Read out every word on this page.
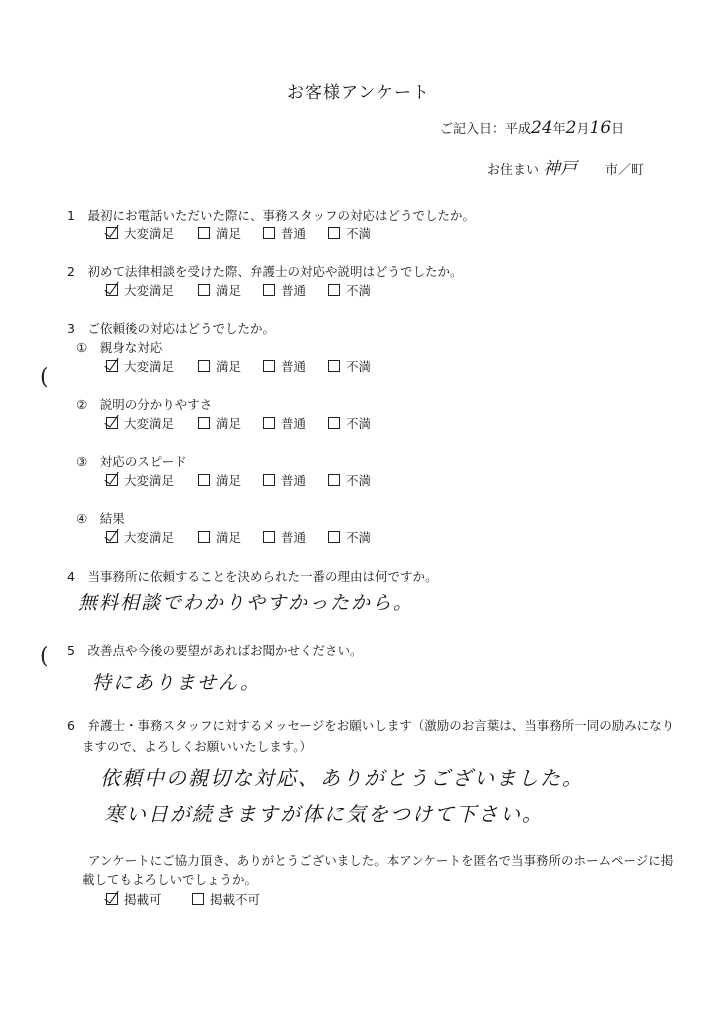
お客様アンケート
ご記入日：平成 24 年 2 月 16 日
お住まい 神戸	市／町
1　最初にお電話いただいた際に、事務スタッフの対応はどうでしたか。
大変満足	満足	普通	不満
2　初めて法律相談を受けた際、弁護士の対応や説明はどうでしたか。
大変満足	満足	普通	不満
3　ご依頼後の対応はどうでしたか。
(
①　親身な対応
大変満足	満足	普通	不満
②　説明の分かりやすさ
大変満足	満足	普通	不満
③　対応のスピード
大変満足	満足	普通	不満
④　結果
大変満足	満足	普通	不満
4　当事務所に依頼することを決められた一番の理由は何ですか。
無料相談でわかりやすかったから。
( 5　改善点や今後の要望があればお聞かせください。
特にありません。
6　弁護士・事務スタッフに対するメッセージをお願いします（激励のお言葉は、当事務所一同の励みになり
ますので、よろしくお願いいたします。）
依頼中の親切な対応、ありがとうございました。
寒い日が続きますが体に気をつけて下さい。
アンケートにご協力頂き、ありがとうございました。本アンケートを匿名で当事務所のホームページに掲
載してもよろしいでしょうか。
掲載可	掲載不可
